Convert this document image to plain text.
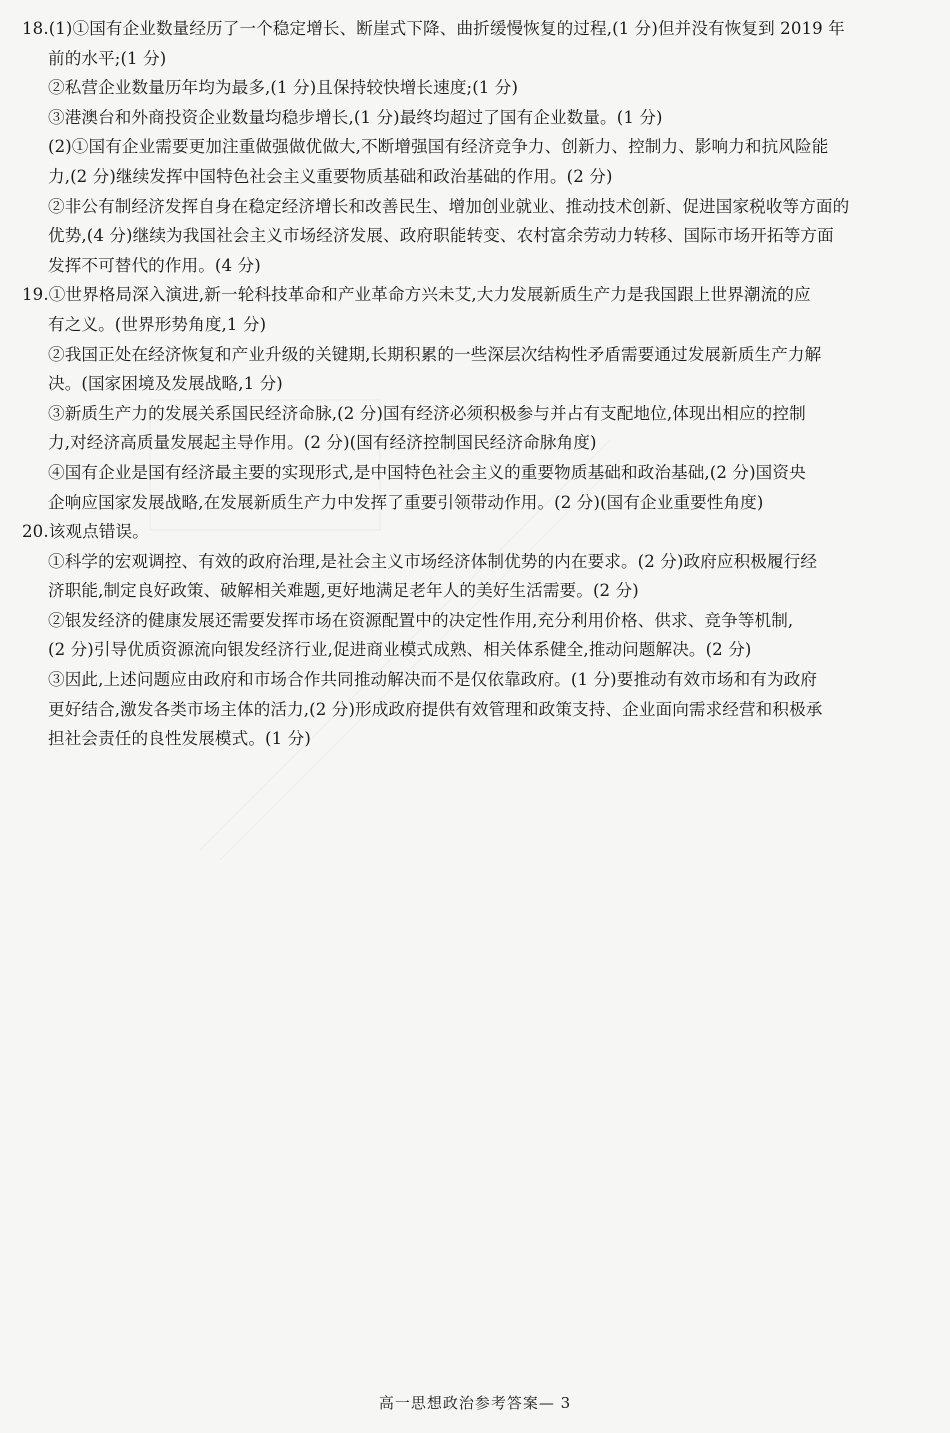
18.(1)①国有企业数量经历了一个稳定增长、断崖式下降、曲折缓慢恢复的过程,(1 分)但并没有恢复到 2019 年
前的水平;(1 分)
②私营企业数量历年均为最多,(1 分)且保持较快增长速度;(1 分)
③港澳台和外商投资企业数量均稳步增长,(1 分)最终均超过了国有企业数量。(1 分)
(2)①国有企业需要更加注重做强做优做大,不断增强国有经济竞争力、创新力、控制力、影响力和抗风险能
力,(2 分)继续发挥中国特色社会主义重要物质基础和政治基础的作用。(2 分)
②非公有制经济发挥自身在稳定经济增长和改善民生、增加创业就业、推动技术创新、促进国家税收等方面的
优势,(4 分)继续为我国社会主义市场经济发展、政府职能转变、农村富余劳动力转移、国际市场开拓等方面
发挥不可替代的作用。(4 分)
19.①世界格局深入演进,新一轮科技革命和产业革命方兴未艾,大力发展新质生产力是我国跟上世界潮流的应
有之义。(世界形势角度,1 分)
②我国正处在经济恢复和产业升级的关键期,长期积累的一些深层次结构性矛盾需要通过发展新质生产力解
决。(国家困境及发展战略,1 分)
③新质生产力的发展关系国民经济命脉,(2 分)国有经济必须积极参与并占有支配地位,体现出相应的控制
力,对经济高质量发展起主导作用。(2 分)(国有经济控制国民经济命脉角度)
④国有企业是国有经济最主要的实现形式,是中国特色社会主义的重要物质基础和政治基础,(2 分)国资央
企响应国家发展战略,在发展新质生产力中发挥了重要引领带动作用。(2 分)(国有企业重要性角度)
20.该观点错误。
①科学的宏观调控、有效的政府治理,是社会主义市场经济体制优势的内在要求。(2 分)政府应积极履行经
济职能,制定良好政策、破解相关难题,更好地满足老年人的美好生活需要。(2 分)
②银发经济的健康发展还需要发挥市场在资源配置中的决定性作用,充分利用价格、供求、竞争等机制,
(2 分)引导优质资源流向银发经济行业,促进商业模式成熟、相关体系健全,推动问题解决。(2 分)
③因此,上述问题应由政府和市场合作共同推动解决而不是仅依靠政府。(1 分)要推动有效市场和有为政府
更好结合,激发各类市场主体的活力,(2 分)形成政府提供有效管理和政策支持、企业面向需求经营和积极承
担社会责任的良性发展模式。(1 分)
高一思想政治参考答案— 3
